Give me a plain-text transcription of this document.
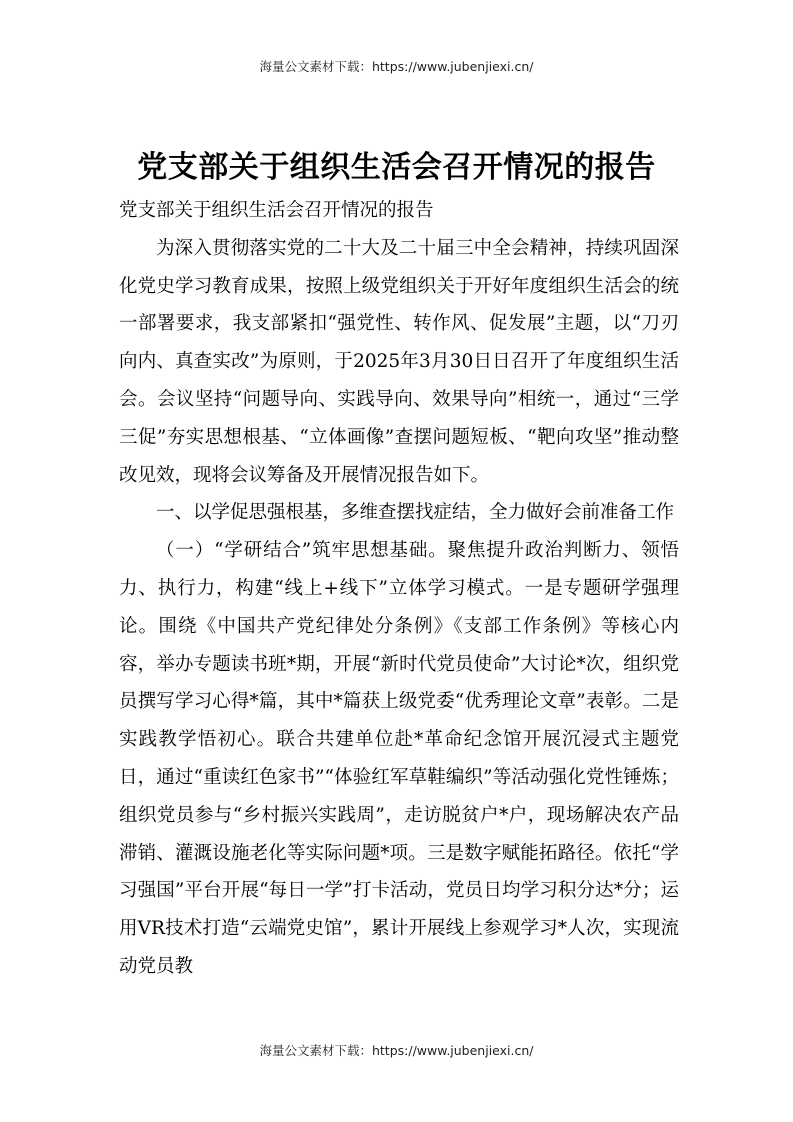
海量公文素材下载：https://www.jubenjiexi.cn/
党支部关于组织生活会召开情况的报告

党支部关于组织生活会召开情况的报告

为深入贯彻落实党的二十大及二十届三中全会精神，持续巩固深化党史学习教育成果，按照上级党组织关于开好年度组织生活会的统一部署要求，我支部紧扣“强党性、转作风、促发展”主题，以“刀刃向内、真查实改”为原则，于2025年3月30日日召开了年度组织生活会。会议坚持“问题导向、实践导向、效果导向”相统一，通过“三学三促”夯实思想根基、“立体画像”查摆问题短板、“靶向攻坚”推动整改见效，现将会议筹备及开展情况报告如下。

一、以学促思强根基，多维查摆找症结，全力做好会前准备工作

（一）“学研结合”筑牢思想基础。聚焦提升政治判断力、领悟力、执行力，构建“线上+线下”立体学习模式。一是专题研学强理论。围绕《中国共产党纪律处分条例》《支部工作条例》等核心内容，举办专题读书班*期，开展“新时代党员使命”大讨论*次，组织党员撰写学习心得*篇，其中*篇获上级党委“优秀理论文章”表彰。二是实践教学悟初心。联合共建单位赴*革命纪念馆开展沉浸式主题党日，通过“重读红色家书”“体验红军草鞋编织”等活动强化党性锤炼；组织党员参与“乡村振兴实践周”，走访脱贫户*户，现场解决农产品滞销、灌溉设施老化等实际问题*项。三是数字赋能拓路径。依托“学习强国”平台开展“每日一学”打卡活动，党员日均学习积分达*分；运用VR技术打造“云端党史馆”，累计开展线上参观学习*人次，实现流动党员教

海量公文素材下载：https://www.jubenjiexi.cn/
